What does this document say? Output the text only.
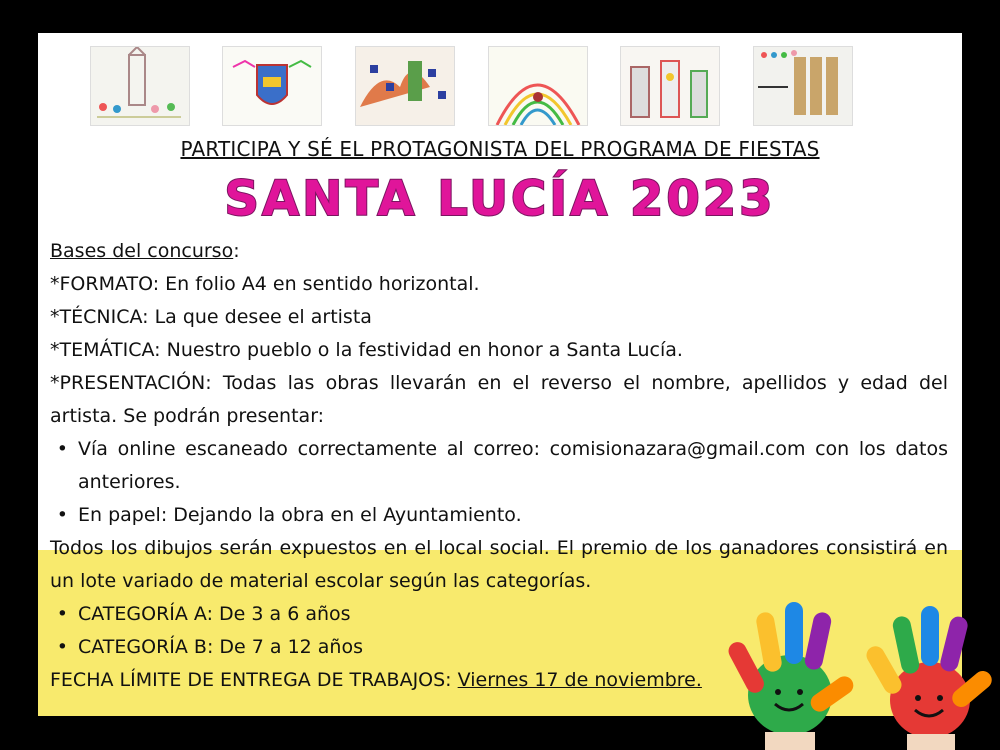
PARTICIPA Y SÉ EL PROTAGONISTA DEL PROGRAMA DE FIESTAS
SANTA LUCÍA 2023
Bases del concurso:
*FORMATO: En folio A4 en sentido horizontal.
*TÉCNICA: La que desee el artista
*TEMÁTICA: Nuestro pueblo o la festividad en honor a Santa Lucía.
*PRESENTACIÓN: Todas las obras llevarán en el reverso el nombre, apellidos y edad del artista. Se podrán presentar:
• Vía online escaneado correctamente al correo: comisionazara@gmail.com con los datos anteriores.
• En papel: Dejando la obra en el Ayuntamiento.
Todos los dibujos serán expuestos en el local social. El premio de los ganadores consistirá en un lote variado de material escolar según las categorías.
• CATEGORÍA A: De 3 a 6 años
• CATEGORÍA B: De 7 a 12 años
FECHA LÍMITE DE ENTREGA DE TRABAJOS: Viernes 17 de noviembre.
